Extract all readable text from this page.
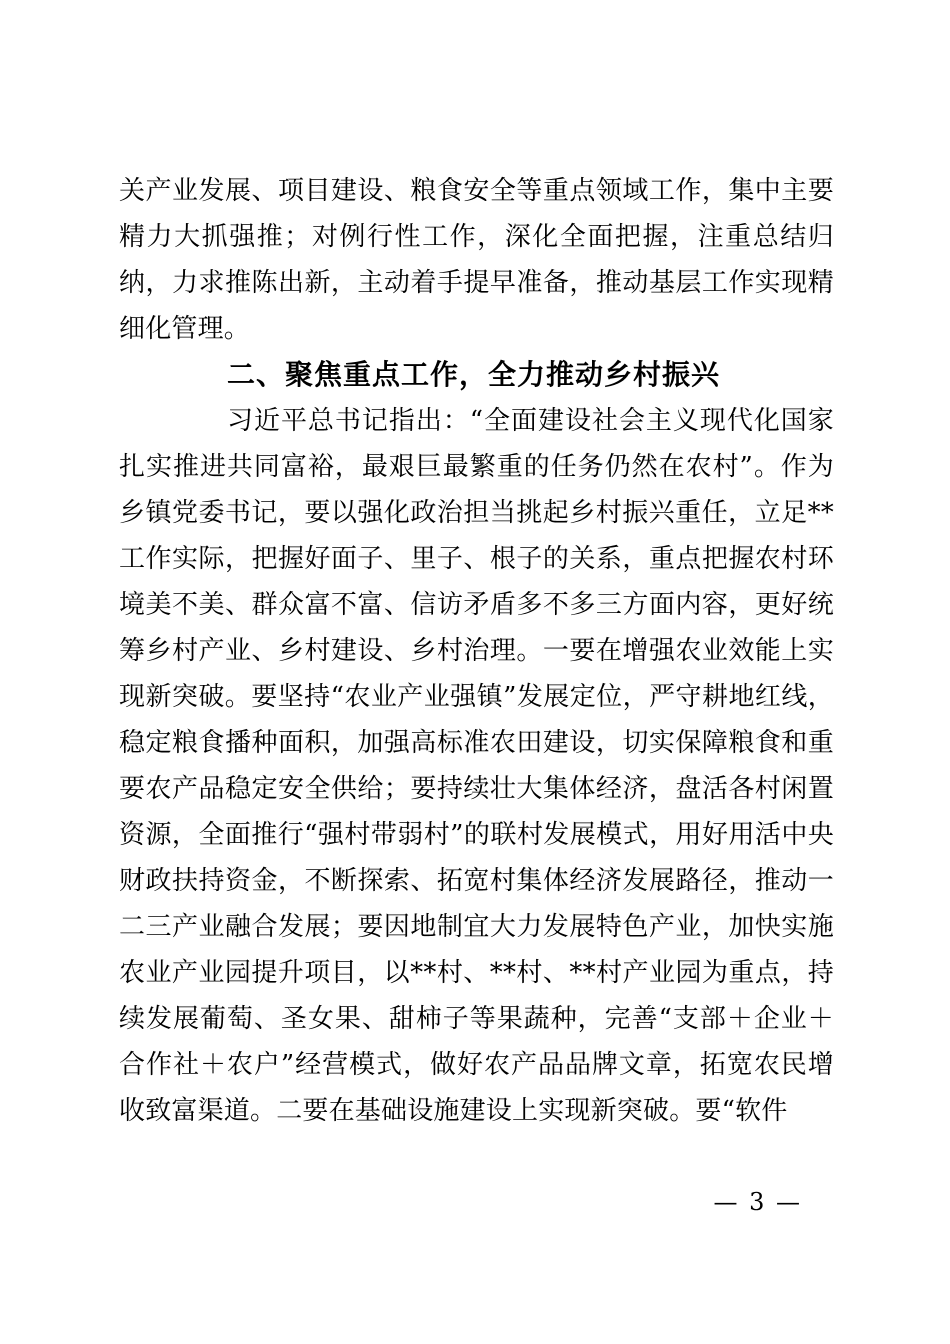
关产业发展、项目建设、粮食安全等重点领域工作，集中主要精力大抓强推；对例行性工作，深化全面把握，注重总结归纳，力求推陈出新，主动着手提早准备，推动基层工作实现精细化管理。

二、聚焦重点工作，全力推动乡村振兴

习近平总书记指出：“全面建设社会主义现代化国家扎实推进共同富裕，最艰巨最繁重的任务仍然在农村”。作为乡镇党委书记，要以强化政治担当挑起乡村振兴重任，立足**工作实际，把握好面子、里子、根子的关系，重点把握农村环境美不美、群众富不富、信访矛盾多不多三方面内容，更好统筹乡村产业、乡村建设、乡村治理。一要在增强农业效能上实现新突破。要坚持“农业产业强镇”发展定位，严守耕地红线，稳定粮食播种面积，加强高标准农田建设，切实保障粮食和重要农产品稳定安全供给；要持续壮大集体经济，盘活各村闲置资源，全面推行“强村带弱村”的联村发展模式，用好用活中央财政扶持资金，不断探索、拓宽村集体经济发展路径，推动一二三产业融合发展；要因地制宜大力发展特色产业，加快实施农业产业园提升项目，以**村、**村、**村产业园为重点，持续发展葡萄、圣女果、甜柿子等果蔬种，完善“支部＋企业＋合作社＋农户”经营模式，做好农产品品牌文章，拓宽农民增收致富渠道。二要在基础设施建设上实现新突破。要“软件

— 3 —
